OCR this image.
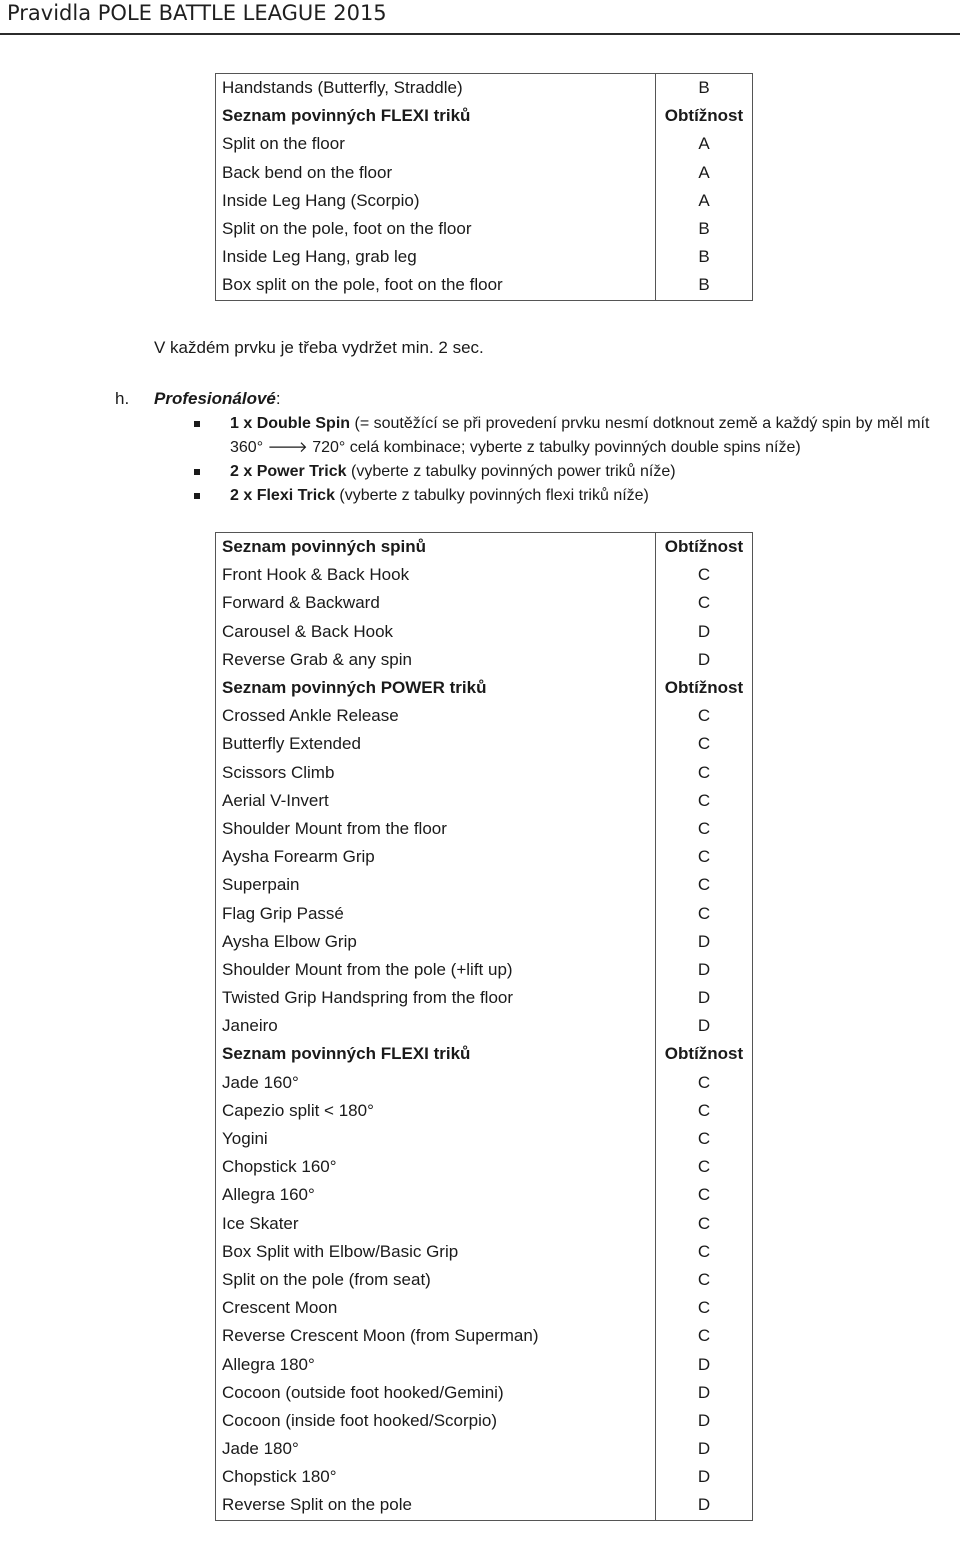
Pravidla POLE BATTLE LEAGUE 2015
Handstands (Butterfly, Straddle)	B
Seznam povinných FLEXI triků	Obtížnost
Split on the floor	A
Back bend on the floor	A
Inside Leg Hang (Scorpio)	A
Split on the pole, foot on the floor	B
Inside Leg Hang, grab leg	B
Box split on the pole, foot on the floor	B
V každém prvku je třeba vydržet min. 2 sec.
h. Profesionálové:
1 x Double Spin (= soutěžící se při provedení prvku nesmí dotknout země a každý spin by měl mít 360° 🡒 720° celá kombinace; vyberte z tabulky povinných double spins níže)
2 x Power Trick (vyberte z tabulky povinných power triků níže)
2 x Flexi Trick (vyberte z tabulky povinných flexi triků níže)
Seznam povinných spinů	Obtížnost
Front Hook & Back Hook	C
Forward & Backward	C
Carousel & Back Hook	D
Reverse Grab & any spin	D
Seznam povinných POWER triků	Obtížnost
Crossed Ankle Release	C
Butterfly Extended	C
Scissors Climb	C
Aerial V-Invert	C
Shoulder Mount from the floor	C
Aysha Forearm Grip	C
Superpain	C
Flag Grip Passé	C
Aysha Elbow Grip	D
Shoulder Mount from the pole (+lift up)	D
Twisted Grip Handspring from the floor	D
Janeiro	D
Seznam povinných FLEXI triků	Obtížnost
Jade 160°	C
Capezio split < 180°	C
Yogini	C
Chopstick 160°	C
Allegra 160°	C
Ice Skater	C
Box Split with Elbow/Basic Grip	C
Split on the pole (from seat)	C
Crescent Moon	C
Reverse Crescent Moon (from Superman)	C
Allegra 180°	D
Cocoon (outside foot hooked/Gemini)	D
Cocoon (inside foot hooked/Scorpio)	D
Jade 180°	D
Chopstick 180°	D
Reverse Split on the pole	D
